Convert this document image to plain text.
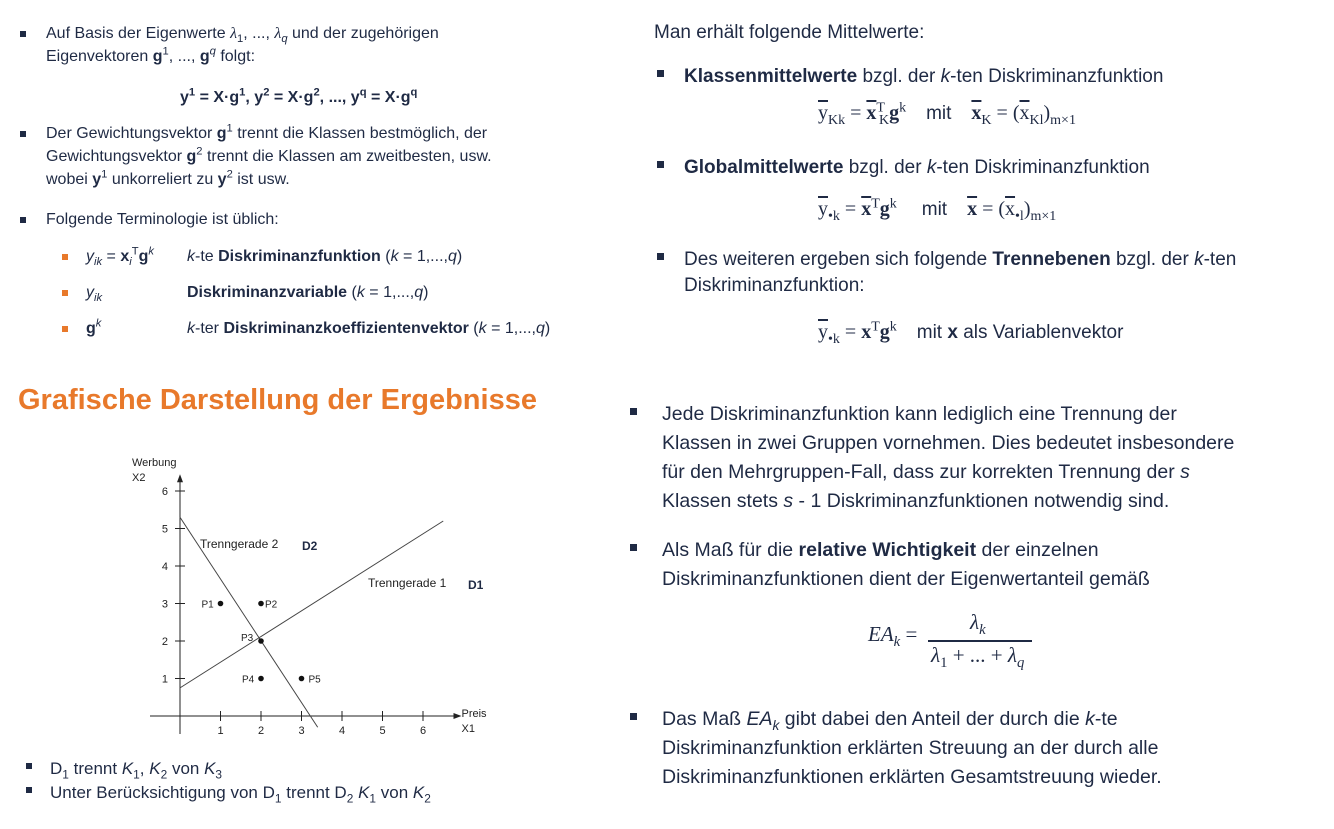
Auf Basis der Eigenwerte $\lambda_1$, ..., $\lambda_q$ und der zugehörigen
Eigenvektoren $g^1$, ..., $g^q$ folgt:
$y^1 = X\cdot g^1$, $y^2 = X\cdot g^2$, ..., $y^q = X\cdot g^q$
Der Gewichtungsvektor $g^1$ trennt die Klassen bestmöglich, der
Gewichtungsvektor $g^2$ trennt die Klassen am zweitbesten, usw.
wobei $y^1$ unkorreliert zu $y^2$ ist usw.
Folgende Terminologie ist üblich:
$y_{ik} = x_i^Tg^k$ k-te Diskriminanzfunktion (k = 1,...,q)
$y_{ik}$	Diskriminanzvariable (k = 1,...,q)
$g^k$	k-ter Diskriminanzkoeffizientenvektor (k = 1,...,q)
Grafische Darstellung der Ergebnisse
1	2	3	4	5	6
1
2
3
4
5
6
Werbung
X2
Preis
X1
Trenngerade 2 D2
Trenngerade 1 D1
P1	P2
P3
P4	P5
$D_1$ trennt $K_1$, $K_2$ von $K_3$
Unter Berücksichtigung von $D_1$ trennt $D_2$ $K_1$ von $K_2$
Man erhält folgende Mittelwerte:
Klassenmittelwerte bzgl. der k-ten Diskriminanzfunktion
$\overline{y}_{Kk} = \overline{x}^T_Kg^k$ mit $\overline{x}_K = (\overline{x}_{Kl})_{m\times 1}$
Globalmittelwerte bzgl. der k-ten Diskriminanzfunktion
$\overline{y}_{•k} = \overline{x}^Tg^k$ mit $\overline{x} = (\overline{x}_{•l})_{m\times 1}$
Des weiteren ergeben sich folgende Trennebenen bzgl. der k-ten
Diskriminanzfunktion:
$\overline{y}_{•k} = x^Tg^k$ mit x als Variablenvektor
Jede Diskriminanzfunktion kann lediglich eine Trennung der
Klassen in zwei Gruppen vornehmen. Dies bedeutet insbesondere
für den Mehrgruppen-Fall, dass zur korrekten Trennung der s
Klassen stets s - 1 Diskriminanzfunktionen notwendig sind.
Als Maß für die relative Wichtigkeit der einzelnen
Diskriminanzfunktionen dient der Eigenwertanteil gemäß
$EA_k$ =	$\lambda_k$
$\lambda_1$ + ... + $\lambda_q$
Das Maß $EA_k$ gibt dabei den Anteil der durch die k-te
Diskriminanzfunktion erklärten Streuung an der durch alle
Diskriminanzfunktionen erklärten Gesamtstreuung wieder.
